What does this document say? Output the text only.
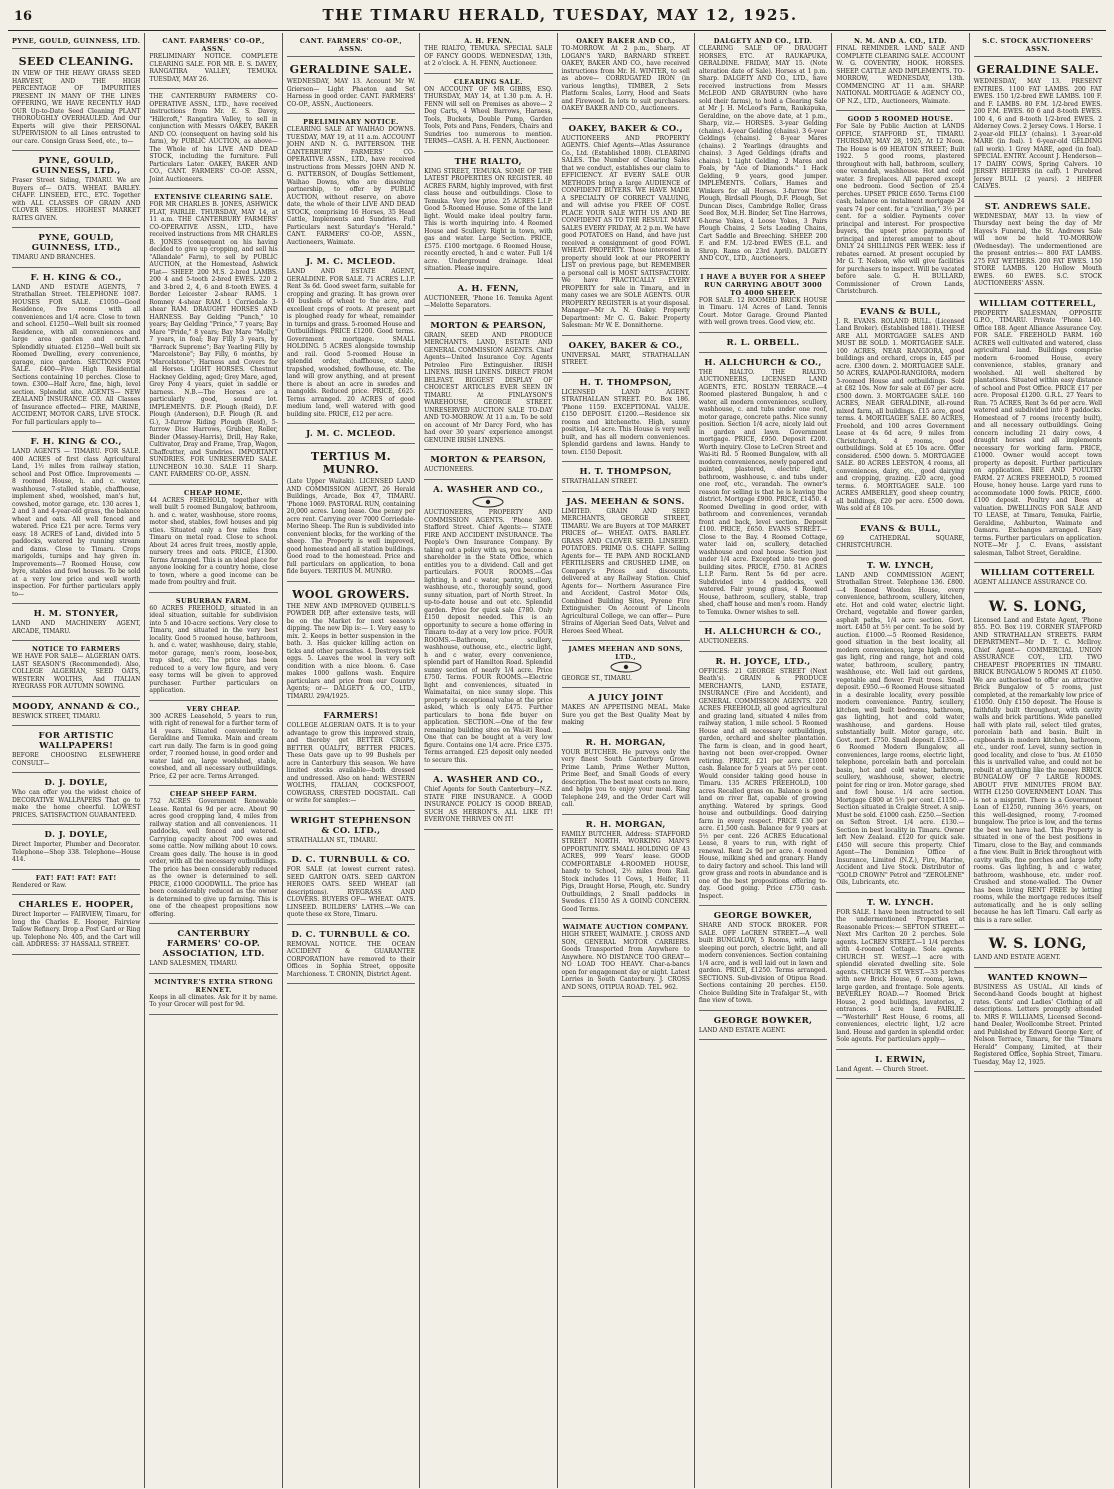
16	THE TIMARU HERALD, TUESDAY, MAY 12, 1925.
PYNE, GOULD, GUINNESS, LTD.
SEED CLEANING.

IN VIEW OF THE HEAVY GRASS SEED HARVEST, AND THE HIGH PERCENTAGE OF IMPURITIES PRESENT IN MANY OF THE LINES OFFERING, WE HAVE RECENTLY HAD OUR Up-to-Date Seed Cleaning PLANT THOROUGHLY OVERHAULED. And Our Experts will give their PERSONAL SUPERVISION to all Lines entrusted to our care. Consign Grass Seed, etc., to—

PYNE, GOULD, GUINNESS, LTD.,

Fraser Street Siding, TIMARU. We are Buyers of— OATS. WHEAT. BARLEY. CHAFF. LINSEED, ETC., ETC. Together with ALL CLASSES OF GRAIN AND CLOVER SEEDS. HIGHEST MARKET RATES GIVEN.

PYNE, GOULD, GUINNESS, LTD.,

TIMARU AND BRANCHES.

F. H. KING & CO.,

LAND AND ESTATE AGENTS, 7 Strathallan Street. TELEPHONE 1087. HOUSES FOR SALE. £1050—Good Residence, five rooms with all conveniences and 1/4 acre. Close to town and school. £1250—Well built six roomed Residence, with all conveniences and large area garden and orchard. Splendidly situated. £1250—Well built six Roomed Dwelling, every convenience, garage, nice garden. SECTIONS FOR SALE. £400—Five High Residential Sections containing 10 perches. Close to town. £300—Half Acre, fine, high, level section. Splendid site. AGENTS— NEW ZEALAND INSURANCE CO. All Classes of Insurance effected— FIRE, MARINE, ACCIDENT, MOTOR CARS, LIVE STOCK. For full particulars apply to—

F. H. KING & CO.,

LAND AGENTS — TIMARU. FOR SALE. 400 ACRES of first class Agricultural Land, 1½ miles from railway station, school and Post Office. Improvements — 8 roomed House, h. and c. water, washhouse, 7-stalled stable, chaffhouse, implement shed, woolshed, man's hut, cowshed, motor garage, etc. 130 acres 1, 2 and 3 and 4-year-old grass, the balance wheat and oats. All well fenced and watered. Price £21 per acre. Terms very easy. 18 ACRES of Land, divided into 5 paddocks, watered by running stream and dams. Close to Timaru. Crops marigolds, turnips and hay given in. Improvements—7 Roomed House, cow byre, stables and fowl houses. To be sold at a very low price and well worth inspection. For further particulars apply to—

H. M. STONYER,

LAND AND MACHINERY AGENT, ARCADE, TIMARU.

NOTICE TO FARMERS

WE HAVE FOR SALE— ALGERIAN OATS. LAST SEASON'S (Recommended). Also, COLLEGE ALGERIAN, SEED OATS, WESTERN WOLTHS, And ITALIAN RYEGRASS FOR AUTUMN SOWING.

MOODY, ANNAND & CO.,

BESWICK STREET, TIMARU.

FOR ARTISTIC WALLPAPERS!

BEFORE CHOOSING ELSEWHERE CONSULT—

D. J. DOYLE,

Who can offer you the widest choice of DECORATIVE WALLPAPERS That go to make the home cheerful. LOWEST PRICES. SATISFACTION GUARANTEED.

D. J. DOYLE,

Direct Importer, Plumber and Decorator. Telephone—Shop 338. Telephone—House 414.

FAT! FAT! FAT! FAT!

Rendered or Raw.

CHARLES E. HOOPER,

Direct Importer — FAIRVIEW, Timaru, for long the Charles E. Hooper, Fairview Tallow Refinery. Drop a Post Card or Ring up. Telephone No. 405, and the Cart will call. ADDRESS: 37 HASSALL STREET.

CANT. FARMERS' CO-OP., ASSN.

PRELIMINARY NOTICE. COMPLETE CLEARING SALE. FOR MR. E. S. DAVEY, RANGATIRA VALLEY, TEMUKA. TUESDAY, MAY 26.

THE CANTERBURY FARMERS' CO-OPERATIVE ASSN., LTD., have received instructions from Mr. E. S. Davey, "Hillcroft," Rangatira Valley, to sell in conjunction with Messrs OAKEY, BAKER AND CO. (consequent on having sold his farm), by PUBLIC AUCTION, as above— The Whole of his LIVE AND DEAD STOCK, including the furniture. Full Particulars Later. OAKEY, BAKER AND CO., CANT. FARMERS' CO-OP. ASSN., Joint Auctioneers.

EXTENSIVE CLEARING SALE.

FOR MR CHARLES B. JONES, ASHWICK FLAT, FAIRLIE. THURSDAY, MAY 14, at 11 a.m. THE CANTERBURY FARMERS' CO-OPERATIVE ASSN., LTD., have received instructions from MR CHARLES B. JONES (consequent on his having decided to give up cropping, and sell his "Allandale" Farm), to sell by PUBLIC AUCTION, at the Homestead, Ashwick Flat— SHEEP. 200 M.S. 2-bred LAMBS. 200 4 and 5-tooth 2-bred EWES. 220 2 and 3-bred 2, 4, 6 and 8-tooth EWES. 4 Border Leicester 2-shear RAMS. 1 Romney 4-shear RAM. 1 Corriedale 3-shear RAM. DRAUGHT HORSES AND HARNESS. Bay Gelding "Punch," 10 years; Bay Gelding "Prince," 7 years; Bay Mare "Pride," 8 years; Bay Mare "Molly," 7 years, in foal; Bay Filly 3 years, by "Barrack Supreme"; Bay Yearling Filly by "Marcelstone"; Bay Filly, 6 months, by "Marcelstone"; Harness and Covers for all Horses. LIGHT HORSES. Chestnut Hackney Gelding, aged; Grey Mare, aged, Grey Pony 4 years, quiet in saddle or harness. N.B.—The Horses are a particularly good, sound lot. IMPLEMENTS. D.F. Plough (Reid), D.F. Plough (Anderson), D.F. Plough (R. and G.), 3-furrow Riding Plough (Reid), 5-furrow Disc Harrows, Grubber, Roller, Binder (Massey-Harris), Drill, Hay Rake, Cultivator, Dray and Frame, Trap, Wagon, Chaffcutter, and Sundries. IMPORTANT SUNDRIES. FOR UNRESERVED SALE. LUNCHEON 10.30. SALE 11 Sharp. CANT. FARMERS' CO-OP., ASSN.

CHEAP HOME.

44 ACRES FREEHOLD, together with well built 5 roomed Bungalow, bathroom, h. and c. water, washhouse, store rooms, motor shed, stables, fowl houses and pig sties. Situated only a few miles from Timaru on metal road. Close to school. About 24 acres fruit trees, mostly apple, nursery trees and oats. PRICE, £1300. Terms Arranged. This is an ideal place for anyone looking for a country home, close to town, where a good income can be made from poultry and fruit.

SUBURBAN FARM.

60 ACRES FREEHOLD, situated in an ideal situation, suitable for subdivision into 5 and 10-acre sections. Very close to Timaru, and situated in the very best locality. Good 5 roomed house, bathroom, h. and c. water, washhouse, dairy, stable, motor garage, men's room, loose-box, trap shed, etc. The price has been reduced to a very low figure, and very easy terms will be given to approved purchaser. Further particulars on application.

VERY CHEAP.

300 ACRES Leasehold, 5 years to run, with right of renewal for a further term of 14 years. Situated conveniently to Geraldine and Temuka. Main and cream cart run daily. The farm is in good going order, 7 roomed house, in good order and water laid on, large woolshed, stable, cowshed, and all necessary outbuildings. Price, £2 per acre. Terms Arranged.

CHEAP SHEEP FARM.

752 ACRES Government Renewable Lease. Rental 6s 9d per acre. About 90 acres good cropping land, 4 miles from railway station and all conveniences. 11 paddocks, well fenced and watered. Carrying capacity about 700 ewes and some cattle. Now milking about 10 cows. Cream goes daily. The house is in good order, with all the necessary outbuildings. The price has been considerably reduced as the owner is determined to sell. PRICE, £1000 GOODWILL. The price has been considerably reduced as the owner is determined to give up farming. This is one of the cheapest propositions now offering.

CANTERBURY FARMERS' CO-OP. ASSOCIATION, LTD.

LAND SALESMEN, TIMARU.

MCINTYRE'S EXTRA STRONG RENNET.

Keeps in all climates. Ask for it by name. To your Grocer will post for 9d.

CANT. FARMERS' CO-OP., ASSN.
GERALDINE SALE.

WEDNESDAY, MAY 13. Account Mr W. Grierson— Light Phaeton and Set Harness in good order. CANT. FARMERS' CO-OP., ASSN., Auctioneers.

PRELIMINARY NOTICE.

CLEARING SALE AT WAIHAO DOWNS. TUESDAY, MAY 19, at 11 a.m. ACCOUNT JOHN AND N. G. PATTERSON. THE CANTERBURY FARMERS' CO-OPERATIVE ASSN., LTD., have received instructions from Messrs JOHN AND N. G. PATTERSON, of Douglas Settlement, Waihao Downs, who are dissolving partnership, to offer by PUBLIC AUCTION, without reserve, on above date, the whole of their LIVE AND DEAD STOCK, comprising 16 Horses, 35 Head Cattle, Implements and Sundries. Full Particulars next Saturday's "Herald." CANT. FARMERS' CO-OP., ASSN., Auctioneers, Waimate.

J. M. C. MCLEOD.

LAND AND ESTATE AGENT, GERALDINE. FOR SALE. 71 ACRES L.I.P. Rent 3s 6d. Good sweet farm, suitable for cropping and grazing. It has grown over 40 bushels of wheat to the acre, and excellent crops of roots. At present part is ploughed ready for wheat, remainder in turnips and grass. 5-roomed House and Outbuildings. PRICE £1200. Good terms. Government mortgage. SMALL HOLDING. 5 ACRES alongside township and rail. Good 5-roomed House in splendid order, chaffhouse, stable, trapshed, woodshed, fowlhouse, etc. The land will grow anything, and at present there is about an acre in swedes and mangolds. Reduced price. PRICE, £625. Terms arranged. 20 ACRES of good medium land, well watered with good building site. PRICE, £12 per acre.

J. M. C. MCLEOD.
TERTIUS M. MUNRO.

(Late Upper Waitaki). LICENSED LAND AND COMMISSION AGENT, 26 Herald Buildings, Arcade, Box 47, TIMARU. 'Phone 1069. PASTORAL RUN, containing 20,000 acres. Long lease. One penny per acre rent. Carrying over 7000 Corriedale-Merino Sheep. The Run is subdivided into convenient blocks, for the working of the sheep. The Property is well improved, good homestead and all station buildings. Good road to the homestead. Price and full particulars on application, to bona fide buyers. TERTIUS M. MUNRO.

WOOL GROWERS.

THE NEW AND IMPROVED QUIBELL'S POWDER DIP, after extensive tests, will be on the Market for next season's dipping. The new Dip is:— 1. Very easy to mix. 2. Keeps in better suspension in the bath. 3. Has quicker killing action on ticks and other parasites. 4. Destroys tick eggs. 5. Leaves the wool in very soft condition with a nice bloom. 6. Case makes 1000 gallons wash. Enquire particulars and price from our Country Agents; or— DALGETY & CO., LTD., TIMARU. 29/4/1925.

FARMERS!

COLLEGE ALGERIAN OATS. It is to your advantage to grow this improved strain, and thereby get BETTER CROPS, BETTER QUALITY, BETTER PRICES. These Oats gave up to 99 Bushels per acre in Canterbury this season. We have limited stocks available—both dressed and undressed. Also on hand: WESTERN WOLTHS, ITALIAN, COCKSFOOT, COWGRASS, CRESTED DOGSTAIL. Call or write for samples:—

WRIGHT STEPHENSON & CO. LTD.,

STRATHALLAN ST., TIMARU.

D. C. TURNBULL & CO.

FOR SALE (at lowest current rates). SEED GARTON OATS. SEED GARTON HEROES OATS. SEED WHEAT (all descriptions). RYEGRASS AND CLOVERS. BUYERS OF— WHEAT. OATS. LINSEED. BUILDERS' LATHS.—We can quote these ex Store, Timaru.

D. C. TURNBULL & CO.

REMOVAL NOTICE. THE OCEAN ACCIDENT & GUARANTEE CORPORATION have removed to their Offices in Sophia Street, opposite Marchioness. T. CRONIN, District Agent.

A. H. FENN.

THE RIALTO, TEMUKA. SPECIAL SALE OF FANCY GOODS. WEDNESDAY, 13th, at 2 o'clock. A. H. FENN, Auctioneer.

CLEARING SALE.

ON ACCOUNT OF MR GIBBS, ESQ. THURSDAY, MAY 14, at 1.30 p.m. A. H. FENN will sell on Premises as above— 2 Dog Carts, 4 Wheel Barrows, Harness, Tools, Buckets, Double Pump, Garden Tools, Pots and Pans, Fenders, Chairs and Sundries too numerous to mention. TERMS—CASH. A. H. FENN, Auctioneer.

THE RIALTO,

KING STREET, TEMUKA. SOME OF THE LATEST PROPERTIES ON REGISTER. 40 ACRES FARM, highly improved, with first class house and outbuildings. Close to Temuka. Very low price. 25 ACRES L.I.P. Good 5-Roomed House. Some of the land light. Would make ideal poultry farm. This is worth inquiring into. 4 Roomed House and Scullery. Right in town, with gas and water. Large Section. PRICE, £575. £100 mortgage. 6 Roomed House, recently erected, h and c water. Full 1/4 acre. Underground drainage. Ideal situation. Please inquire.

A. H. FENN,

AUCTIONEER, 'Phone 16. Temuka Agent—Melotte Separators.

MORTON & PEARSON,

GRAIN, SEED AND PRODUCE MERCHANTS. LAND, ESTATE AND GENERAL COMMISSION AGENTS. Chief Agents—United Insurance Coy. Agents Petroleo Fire Extinguisher. IRISH LINENS. IRISH LINENS. DIRECT FROM BELFAST. BIGGEST DISPLAY OF CHOICEST ARTICLES EVER SEEN IN TIMARU. At FINLAYSON'S WAREHOUSE, GEORGE STREET. UNRESERVED AUCTION SALE TO-DAY AND TO-MORROW. At 11 a.m. To be sold on account of Mr Darcy Ford, who has had over 30 years' experience amongst GENUINE IRISH LINENS.

MORTON & PEARSON,

AUCTIONEERS.

A. WASHER AND CO.,

AUCTIONEERS, PROPERTY AND COMMISSION AGENTS. 'Phone 369. Stafford Street. Chief Agents:— STATE FIRE AND ACCIDENT INSURANCE. The People's Own Insurance Company. By taking out a policy with us, you become a shareholder in the State Office, which entitles you to a dividend. Call and get particulars. FOUR ROOMS.—Gas lighting, h and c water, pantry, scullery, washhouse, etc., thoroughly sound, good sunny situation, part of North Street. In up-to-date house and out etc. Splendid garden. Price for quick sale £780. Only £150 deposit needed. This is an opportunity to secure a home offering in Timaru to-day at a very low price. FOUR ROOMS.—Bathroom, scullery, washhouse, outhouse, etc., electric light, h and c water, every convenience, splendid part of Hamilton Road. Splendid sunny section of nearly 1/4 acre. Price £750. Terms. FOUR ROOMS.—Electric light and conveniences, situated in Waimataitai, on nice sunny slope. This property is exceptional value at the price asked, which is only £475. Further particulars to bona fide buyer on application. SECTION.—One of the few remaining building sites on Wai-iti Road. One that can be bought at a very low figure. Contains one 1/4 acre. Price £375. Terms arranged. £25 deposit only needed to secure this.

A. WASHER AND CO.,

Chief Agents for South Canterbury—N.Z. STATE FIRE INSURANCE. A GOOD INSURANCE POLICY IS GOOD BREAD, SUCH AS HERRON'S. ALL LIKE IT! EVERYONE THRIVES ON IT!

OAKEY BAKER AND CO.,

TO-MORROW. At 2 p.m., Sharp. AT LOGAN'S YARD, BARNARD STREET. OAKEY, BAKER AND CO., have received instructions from Mr. H. WINTER, to sell as above— CORRUGATED IRON (in various lengths), TIMBER, 2 Sets Platform Scales, Lorry, Hood and Seats and Firewood. In lots to suit purchasers. OAKEY BAKER AND CO., Auctioneers.

OAKEY, BAKER & CO.,

AUCTIONEERS AND PROPERTY AGENTS. Chief Agents—Atlas Assurance Co., Ltd. (Established 1808). CLEARING SALES. The Number of Clearing Sales that we conduct, establishes our claim to EFFICIENCY. AT EVERY SALE OUR METHODS bring a large AUDIENCE of CONFIDENT BUYERS. WE HAVE MADE A SPECIALTY OF CORRECT VALUING, and will advise you FREE OF COST. PLACE YOUR SALE WITH US AND BE CONFIDENT AS TO THE RESULT. MART SALES EVERY FRIDAY, At 2 p.m. We have good POTATOES on Hand, and have just received a consignment of good FOWL WHEAT. PROPERTY. Those interested in property should look at our PROPERTY LIST on previous page, but REMEMBER a personal call is MOST SATISFACTORY. We have PRACTICALLY EVERY PROPERTY for sale in Timaru, and in many cases we are SOLE AGENTS. OUR PROPERTY REGISTER is at your disposal. Manager—Mr A. N. Oakey. Property Department: Mr C. G. Baker. Property Salesman: Mr W. E. Donnithorne.

OAKEY, BAKER & CO.,

UNIVERSAL MART, STRATHALLAN STREET.

H. T. THOMPSON,

LICENSED LAND AGENT, STRATHALLAN STREET. P.O. Box 186. 'Phone 1159. EXCEPTIONAL VALUE. £150 DEPOSIT. £1200.—Residence six rooms and kitchenette. High, sunny position, 1/4 acre. This House is very well built, and has all modern conveniences. Splendid gardens and lawns. Handy to town. £150 Deposit.

H. T. THOMPSON,

STRATHALLAN STREET.

JAS. MEEHAN & SONS.

LIMITED. GRAIN AND SEED MERCHANTS, GEORGE STREET, TIMARU. We are Buyers at TOP MARKET PRICES of— WHEAT. OATS. BARLEY. GRASS AND CLOVER SEED. LINSEED. POTATOES. PRIME O.S. CHAFF. Selling Agents for— TE PAPA AND ROCKLAND FERTILISERS and CRUSHED LIME, on Company's Prices and discounts, delivered at any Railway Station. Chief Agents for— Northern Assurance Fire and Accident, Castrol Motor Oils, Combined Building Sites, Pyrene Fire Extinguisher. On Account of Lincoln Agricultural College, we can offer— Pure Strains of Algerian Seed Oats, Velvet and Heroes Seed Wheat.

JAMES MEEHAN AND SONS, LTD.,

GEORGE ST., TIMARU.

A JUICY JOINT

MAKES AN APPETISING MEAL. Make Sure you get the Best Quality Meat by making

R. H. MORGAN,

YOUR BUTCHER. He purveys only the very finest South Canterbury Grown Prime Lamb, Prime Wether Mutton, Prime Beef, and Small Goods of every description. The best meat costs no more, and helps you to enjoy your meal. Ring Telephone 249, and the Order Cart will call.

R. H. MORGAN,

FAMILY BUTCHER. Address: STAFFORD STREET NORTH. WORKING MAN'S OPPORTUNITY. SMALL HOLDING OF 43 ACRES, 999 Years' lease. GOOD COMFORTABLE 4-ROOMED HOUSE, handy to School, 2½ miles from Rail. Stock includes 11 Cows, 1 Heifer, 11 Pigs, Draught Horse, Plough, etc. Sundry Outbuildings, 2 Small paddocks in Swedes. £1150 AS A GOING CONCERN. Good Terms.

WAIMATE AUCTION COMPANY.

HIGH STREET, WAIMATE. J. CROSS AND SON, GENERAL MOTOR CARRIERS. Goods Transported from Anywhere to Anywhere. NO DISTANCE TOO GREAT—NO LOAD TOO HEAVY. Char-a-bancs open for engagement day or night. Latest Lorries in South Canterbury. J. CROSS AND SONS, OTIPUA ROAD. TEL. 962.

DALGETY AND CO., LTD.

CLEARING SALE OF DRAUGHT HORSES, ETC. AT RAUKAPUKA, GERALDINE. FRIDAY, MAY 15. (Note alteration date of Sale). Horses at 1 p.m. Sharp. DALGETY AND CO., LTD., have received instructions from Messrs McLEOD AND GRAYBURN (who have sold their farms), to hold a Clearing Sale at Mr J. H. McLeod's Farm, Raukapuka, Geraldine, on the above date, at 1 p.m., Sharp, viz.— HORSES. 3-year Gelding (chains). 4-year Gelding (chains). 3 6-year Geldings (chains). 2 8-year Mares (chains). 2 Yearlings (draughts and chains). 3 Aged Geldings (drafts and chains). 1 Light Gelding. 2 Mares and Foals, by "Ace of Diamonds." 1 Hack Gelding, 9 years, good jumper. IMPLEMENTS. Collars, Hames and Winkers for all Horses. 3-furrow Disc Plough, Birdsall Plough, D.F. Plough, Set Duncan Discs, Cambridge Roller, Grass Seed Box, M.H. Binder, Set Tine Harrows, 6-horse Yokes, 4 Loose Yokes, 3 Pairs Plough Chains, 2 Sets Leading Chains, Cart Saddle and Breeching. SHEEP. 200 F. and F.M. 1/2-bred EWES (E.L. and Shrop. Rams on 23rd April). DALGETY AND COY., LTD., Auctioneers.

I HAVE A BUYER FOR A SHEEP RUN CARRYING ABOUT 3000 TO 4000 SHEEP.

FOR SALE. 12 ROOMED BRICK HOUSE in Timaru. 1/4 Acres of Land. Tennis Court. Motor Garage. Ground Planted with well grown trees. Good view, etc.

R. L. ORBELL.
H. ALLCHURCH & CO.,

THE RIALTO. THE RIALTO. AUCTIONEERS, LICENSED LAND AGENTS, ETC. ROSLYN TERRACE.—4 Roomed plastered Bungalow, h and c water, all modern conveniences, scullery, washhouse, c. and tubs under one roof, motor garage, concrete paths. Nice sunny position. Section 1/4 acre, nicely laid out in garden and lawn. Government mortgage. PRICE, £950. Deposit £200. Worth inquiry. Close to LeCren Street and Wai-iti Rd. 5 Roomed Bungalow, with all modern conveniences, newly papered and painted, plastered, electric light, bathroom, washhouse, c. and tubs under one roof, etc., verandah. The owner's reason for selling is that he is leaving the district. Mortgage £900. PRICE, £1450. 4 Roomed Dwelling in good order, with bathroom and conveniences, verandah front and back, level section. Deposit £100. PRICE, £650. EVANS STREET.—Close to the Bay. 4 Roomed Cottage, water laid on, scullery, detached washhouse and coal house. Section just under 1/4 acre. Excepted into two good building sites. PRICE, £750. 81 ACRES L.I.P. Farm. Rent 5s 6d per acre. Subdivided into 4 paddocks, well watered. Fair young grass, 4 Roomed House, bathroom, scullery, stable, trap shed, chaff house and men's room. Handy to Temuka. Owner wishes to sell.

H. ALLCHURCH & CO.,

AUCTIONEERS.

R. H. JOYCE, LTD.,

OFFICES: 21 GEORGE STREET (Next Beath's). GRAIN & PRODUCE MERCHANTS, LAND, ESTATE, INSURANCE (Fire and Accident), and GENERAL COMMISSION AGENTS. 220 ACRES FREEHOLD, all good agricultural and grazing land, situated 4 miles from railway station, 1 mile school. 5 Roomed House and all necessary outbuildings, garden, orchard and shelter plantation. The farm is clean, and in good heart, having not been over-cropped. Owner retiring. PRICE, £21 per acre. £1000 cash. Balance for 5 years at 5½ per cent. Would consider taking good house in Timaru. 135 ACRES FREEHOLD, 100 acres Recalled grass on. Balance is good land on river flat, capable of growing anything. Watered by springs. Good house and outbuildings. Good dairying farm in every respect. PRICE £30 per acre. £1,500 cash. Balance for 9 years at 5½ per cent. 226 ACRES Educational Lease, 8 years to run, with right of renewal. Rent 2s 9d per acre. 4 roomed House, milking shed and granary. Handy to dairy factory and school. This land will grow grass and roots in abundance and is one of the best propositions offering to-day. Good going. Price £750 cash. Inspect.

GEORGE BOWKER,

SHARE AND STOCK BROKER. FOR SALE. OFF LeCREN STREET.—A well built BUNGALOW, 5 Rooms, with large sleeping out porch, electric light, and all modern conveniences. Section containing 1/4 acre, and is well laid out in lawn and garden. PRICE, £1250. Terms arranged. SECTIONS. Sub-division of Otipua Road. Sections containing 20 perches. £150. Choice Building Site in Trafalgar St., with fine view of town.

GEORGE BOWKER,

LAND AND ESTATE AGENT.

N. M. AND A. CO., LTD.

FINAL REMINDER. LAND SALE AND COMPLETE CLEARING SALE. ACCOUNT W. G. COVENTRY, HOOK. HORSES. SHEEP. CATTLE AND IMPLEMENTS. TO-MORROW, WEDNESDAY, 13th. COMMENCING AT 11 a.m. SHARP. NATIONAL MORTGAGE & AGENCY CO., OF N.Z., LTD., Auctioneers, Waimate.

GOOD 5 ROOMED HOUSE.

For Sale by Public Auction at LANDS OFFICE, STAFFORD ST., TIMARU. THURSDAY, MAY 28, 1925, At 12 Noon. The House is 69 HEATON STREET; Built 1922. 5 good rooms, plastered throughout with hall, bathroom, scullery, one verandah, washhouse. Hot and cold water. 3 fireplaces. All papered except one bedroom. Good Section of 25.4 perches. UPSET PRICE £650. Terms £100 cash, balance on instalment mortgage 24 years 74 per cent. for a "civilian," 3½ per cent. for a soldier. Payments cover principal and interest. For prospective buyers, the upset price payments of principal and interest amount to about ONLY 24 SHILLINGS PER WEEK: less if rebates earned. At present occupied by Mr G. T. Nelson, who will give facilities for purchasers to inspect. Will be vacated before sale. G. H. BULLARD, Commissioner of Crown Lands, Christchurch.

EVANS & BULL,

J. R. EVANS. ROLAND BULL. (Licensed Land Broker). (Established 1881). THESE ARE ALL MORTGAGEE SALES AND MUST BE SOLD. 1. MORTGAGEE SALE. 100 ACRES, NEAR RANGIORA, good buildings and orchard, crops in, £45 per acre. £300 down. 2. MORTGAGEE SALE. 50 ACRES, KAIAPOI-RANGIORA, modern 5-roomed House and outbuildings. Sold at £82 10s. Now for sale at £67 per acre. £500 down. 3. MORTGAGEE SALE. 160 ACRES, NEAR GERALDINE, all-round mixed farm, all buildings. £15 acre, good terms. 4. MORTGAGEE SALE. 80 ACRES, Freehold, and 100 acres Government Lease at 4s 6d acre, 9 miles from Christchurch, 4 rooms, good outbuildings. Sold at £5 10s acre. Offer considered. £500 down. 5. MORTGAGEE SALE. 80 ACRES LEESTON, 4 rooms, all conveniences, dairy, etc., good dairying and cropping, grazing. £20 acre, good terms. 6. MORTGAGEE SALE. 100 ACRES AMBERLEY, good sheep country, all buildings, £20 per acre. £500 down. Was sold at £8 10s.

EVANS & BULL,

69 CATHEDRAL SQUARE, CHRISTCHURCH.

T. W. LYNCH,

LAND AND COMMISSION AGENT, Strathallan Street. Telephone 136. £800.—4 Roomed Wooden House, every convenience, bathroom, scullery, kitchen, etc. Hot and cold water, electric light. Orchard, vegetable and flower garden, asphalt paths, 1/4 acre section. Govt. mort. £450 at 5½ per cent. To be sold by auction. £1000.—5 Roomed Residence, good situation in the best locality, all modern conveniences, large high rooms, gas light, ring and range, hot and cold water, bathroom, scullery, pantry, washhouse, etc. Well laid out gardens, vegetable and flower. Fruit trees. Small deposit. £950.—6 Roomed House situated in a desirable locality, every possible modern convenience. Pantry, scullery, kitchen, well built bedrooms, bathroom, gas lighting, hot and cold water, washhouse, and gardens. House substantially built. Motor garage, etc. Govt. mort. £750. Small deposit. £1350.—6 Roomed Modern Bungalow, all conveniences, large rooms, electric light, telephone, porcelain bath and porcelain basin, hot and cold water, bathroom, scullery, washhouse, shower, electric point for ring or iron. Motor garage, shed and fowl house. 1/4 acre section. Mortgage £800 at 5½ per cent. £1150.—Section situated in Craigie Street. A snip. Must be sold. £1000 cash. £250.—Section on Sefton Street. 1/4 acre. £130.—Section in best locality in Timaru. Owner left New Zealand. £120 for quick sale. £450 will secure this property. Chief Agent—The Dominion Office of Insurance, Limited (N.Z.), Fire, Marine, Accident and Live Stock. Distributor of "GOLD CROWN" Petrol and "ZEROLENE" Oils, Lubricants, etc.

T. W. LYNCH.

FOR SALE. I have been instructed to sell the undermentioned Properties at Reasonable Prices:— SEFTON STREET.—Next Mrs Carlton 20 2 perches. Sole agents. LeCREN STREET.—1 1/4 perches with 4-roomed Cottage. Sole agents. CHURCH ST. WEST.—1 acre with splendid elevated dwelling site. Sole agents. CHURCH ST. WEST.—33 perches with new Brick House, 6 rooms, lawn, large garden, and frontage. Sole agents. BEVERLEY ROAD.—7 Roomed Brick House, 2 good buildings, lavatories, 2 entrances. 1 acre land. FAIRLIE.—"Westerhill" Rest House, 6 rooms, all conveniences, electric light, 1/2 acre land. House and garden in splendid order. Sole agents. For particulars apply—

I. ERWIN,

Land Agent. — Church Street.

S.C. STOCK AUCTIONEERS' ASSN.
GERALDINE SALE.

WEDNESDAY, MAY 13. PRESENT ENTRIES. 1100 FAT LAMBS. 200 FAT EWES. 150 1/2-bred EWE LAMBS. 100 F. and F. LAMBS. 80 F.M. 1/2-bred EWES. 200 F.M. EWES. 60 6 and 8-tooth EWES. 100 4, 6 and 8-tooth 1/2-bred EWES. 2 Alderney Cows. 2 Jersey Cows. 1 Horse. 1 2-year-old FILLY (chains). 1 3-year-old MARE (in foal). 1 6-year-old GELDING (all work). 1 Grey MARE, aged (in foal). SPECIAL ENTRY. Account J. Henderson— 17 DAIRY COWS, Spring Calvers. 10 JERSEY HEIFERS (in calf). 1 Purebred Jersey BULL (2 years). 2 HEIFER CALVES.

ST. ANDREWS SALE.

WEDNESDAY, MAY 13. In view of Thursday next being the day of Mr Hayes's Funeral, the St. Andrews Sale will now be held TO-MORROW (Wednesday). The undermentioned are the present entries:— 800 FAT LAMBS. 275 FAT WETHERS. 200 FAT EWES. 150 STORE LAMBS. 120 Hollow Mouth EWES. 60 EWES. S.C. STOCK AUCTIONEERS' ASSN.

WILLIAM COTTERELL,

PROPERTY SALESMAN, OPPOSITE G.P.O., TIMARU. Private 'Phone 140. Office 188. Agent Alliance Assurance Coy. FOR SALE. FREEHOLD FARM. 160 ACRES well cultivated and watered, class agricultural land. Buildings comprise modern 6-roomed House, every convenience, stables, granary and woolshed. All well sheltered by plantations. Situated within easy distance of school and Post Office. PRICE £17 per acre. Proposal £1200. G.R.L. 27 Years to Run. 75 ACRES, Rent 3s 6d per acre. Well watered and subdivided into 8 paddocks. Homestead of 7 rooms (recently built), and all necessary outbuildings. Going concern including 21 dairy cows, 4 draught horses and all implements necessary for working farm. PRICE, £1000. Owner would accept town property as deposit. Further particulars on application. BEE AND POULTRY FARM. 27 ACRES FREEHOLD, 5 roomed House, honey house. Large yard runs to accommodate 1000 fowls. PRICE, £600. £100 deposit. Poultry and Bees at valuation. DWELLINGS FOR SALE AND TO LEASE, at Timaru, Temuka, Fairlie, Geraldine, Ashburton, Waimate and Oamaru. Exchanges arranged. Easy terms. Further particulars on application. NOTE—Mr J. C. Evans, assistant salesman, Talbot Street, Geraldine.

WILLIAM COTTERELL

AGENT ALLIANCE ASSURANCE CO.

W. S. LONG,

Licensed Land and Estate Agent, 'Phone 855. P.O. Box 119. CORNER STAFFORD AND STRATHALLAN STREETS. FARM DEPARTMENT—Mr D. T. C. McIlroy. Chief Agent— COMMERCIAL UNION ASSURANCE COY., LTD. TWO CHEAPEST PROPERTIES IN TIMARU. BRICK BUNGALOW 5 ROOMS AT £1050. We are authorised to offer an attractive Brick Bungalow of 5 rooms, just completed, at the remarkably low price of £1050. Only £150 deposit. The House is faithfully built throughout, with cavity walls and brick partitions. Wide panelled hall with plate rail, select tiled grates, porcelain bath and basin. Built in cupboards in modern kitchen, bathroom, etc., under roof. Level, sunny section in good locality, and close to 'bus. At £1050 this is unrivalled value, and could not be rebuilt at anything like the money. BRICK BUNGALOW OF 7 LARGE ROOMS. ABOUT FIVE MINUTES FROM BAY. WITH £1250 GOVERNMENT LOAN. This is not a misprint. There is a Government Loan of £1250, running 36½ years, on this well-designed, roomy, 7-roomed bungalow. The price is low, and the terms the best we have had. This Property is situated in one of the best positions in Timaru, close to the Bay, and commands a fine view. Built in Brick throughout with cavity walls, fine porches and large lofty rooms. Gas lighting, h and c water, bathroom, washhouse, etc. under roof. Crushed and stone-walled. The Owner has been living RENT FREE by letting rooms, while the mortgage reduces itself automatically, and he is only selling because he has left Timaru. Call early as this is a rare seller.

W. S. LONG,

LAND AND ESTATE AGENT.

WANTED KNOWN—

BUSINESS AS USUAL. All kinds of Second-hand Goods bought at highest rates. Gents' and Ladies' Clothing of all descriptions. Letters promptly attended to. MRS F. WILLIAMS, Licensed Second-hand Dealer, Woollcombe Street. Printed and Published by Edward George Kerr, of Nelson Terrace, Timaru, for the "Timaru Herald" Company, Limited, at their Registered Office, Sophia Street, Timaru. Tuesday, May 12, 1925.
